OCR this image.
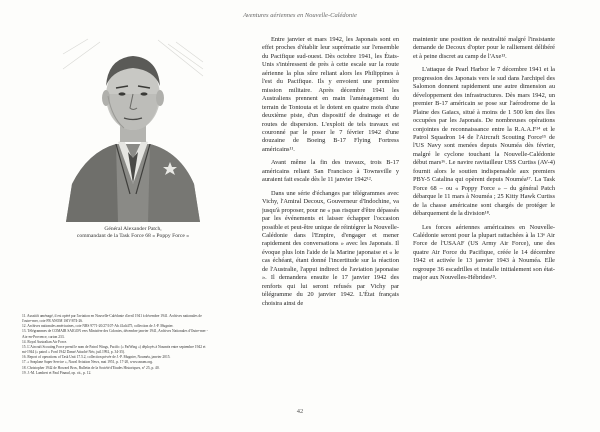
Aventures aériennes en Nouvelle-Calédonie
Général Alexander Patch,
commandant de la Task Force 68 « Poppy Force »
11. Aussitôt aménagé, il est opéré par l'aviation en Nouvelle-Calédonie d'avril 1941 à décembre 1941. Archives nationales de
l'outre-mer, cote FR ANOM 1SIV/874-26.
12. Archives nationales américaines, cote NRS 9771-20/27/107-Ab 41alt475, collection de J.-P. Mugnier.
13. Télégrammes de COMAIR SAIGON vers Ministère des Colonies, décembre janvier 1941, Archives Nationales d'Outre-mer -
Aix-en-Provence, carton 233.
14. Royal Australian Air Force.
15. L'Aircraft Scouting Force prend le nom de Patrol Wings, Pacific (« PatWing ») déployés à Nouméa entre septembre 1942 et
mi-1944 (« patrol » Ford 1942 Dansé Attaché Néo, juil.1992, p. 34-35).
16. Report of operations of Task Unit 17.5.2, collection privée de J.-P. Mugnier, Nouméa, janvier 2015.
17. « Seaplane Super Service », Naval Aviation News, mai 1951, p. 17-20, www.nnam.org.
18. Christopher 1942 de Howard Bros, Bulletin de la Société d'Études Historiques, n° 25, p. 40.
19. J.-M. Lambert et Paul Pinaud, op. cit., p. 12.

Entre janvier et mars 1942, les Japonais sont en effet proches d'établir leur suprématie sur l'ensemble du Pacifique sud-ouest. Dès octobre 1941, les États-Unis s'intéressent de près à cette escale sur la route aérienne la plus sûre reliant alors les Philippines à l'est du Pacifique. Ils y envoient une première mission militaire. Après décembre 1941 les Australiens prennent en main l'aménagement du terrain de Tontouta et le dotent en quatre mois d'une deuxième piste, d'un dispositif de drainage et de routes de dispersion. L'exploit de tels travaux est couronné par le poser le 7 février 1942 d'une douzaine de Boeing B-17 Flying Fortress américains¹¹.

Avant même la fin des travaux, trois B-17 américains reliant San Francisco à Townsville y auraient fait escale dès le 11 janvier 1942¹².

Dans une série d'échanges par télégrammes avec Vichy, l'Amiral Decoux, Gouverneur d'Indochine, va jusqu'à proposer, pour ne « pas risquer d'être dépassés par les événements et laisser échapper l'occasion possible et peut-être unique de réintégrer la Nouvelle-Calédonie dans l'Empire, d'engager et mener rapidement des conversations » avec les Japonais. Il évoque plus loin l'aide de la Marine japonaise et « le cas échéant, étant donné l'incertitude sur la réaction de l'Australie, l'appui indirect de l'aviation japonaise ». Il demandera ensuite le 17 janvier 1942 des renforts qui lui seront refusés par Vichy par télégramme du 20 janvier 1942. L'État français choisira ainsi de

maintenir une position de neutralité malgré l'insistante demande de Decoux d'opter pour le ralliement délibéré et à peine discret au camp de l'Axe¹³.

L'attaque de Pearl Harbor le 7 décembre 1941 et la progression des Japonais vers le sud dans l'archipel des Salomon donnent rapidement une autre dimension au développement des infrastructures. Dès mars 1942, un premier B-17 américain se pose sur l'aérodrome de la Plaine des Gaïacs, situé à moins de 1 500 km des îles occupées par les Japonais. De nombreuses opérations conjointes de reconnaissance entre la R.A.A.F¹⁴ et le Patrol Squadron 14 de l'Aircraft Scouting Force¹⁵ de l'US Navy sont menées depuis Nouméa dès février, malgré le cyclone touchant la Nouvelle-Calédonie début mars¹⁶. Le navire ravitailleur USS Curtiss (AV-4) fournit alors le soutien indispensable aux premiers PBY-5 Catalina qui opèrent depuis Nouméa¹⁷. La Task Force 68 – ou « Poppy Force » – du général Patch débarque le 11 mars à Nouméa ; 25 Kitty Hawk Curtiss de la chasse américaine sont chargés de protéger le débarquement de la division¹⁸.

Les forces aériennes américaines en Nouvelle-Calédonie seront pour la plupart rattachées à la 13ᵉ Air Force de l'USAAF (US Army Air Force), une des quatre Air Force du Pacifique, créée le 14 décembre 1942 et activée le 13 janvier 1943 à Nouméa. Elle regroupe 36 escadrilles et installe initialement son état-major aux Nouvelles-Hébrides¹⁹.

42
